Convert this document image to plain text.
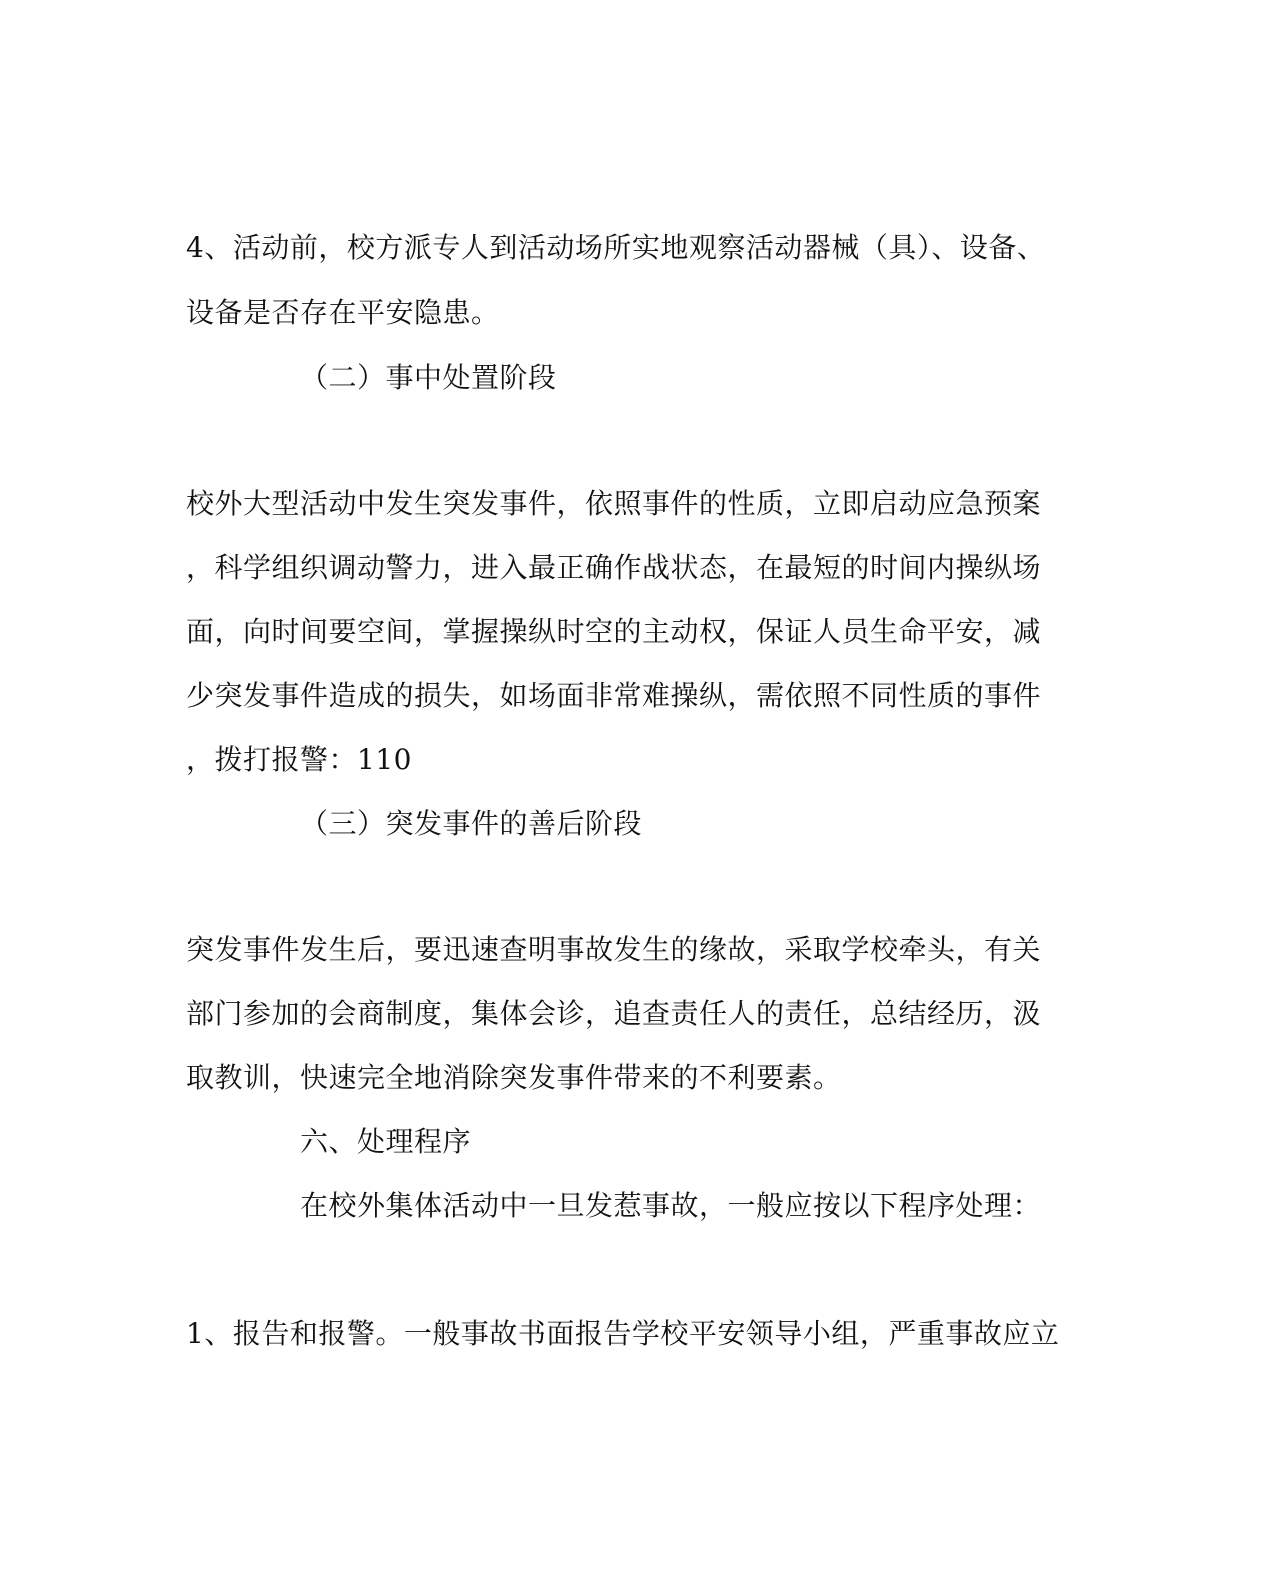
4、活动前，校方派专人到活动场所实地观察活动器械（具）、设备、
设备是否存在平安隐患。
（二）事中处置阶段
校外大型活动中发生突发事件，依照事件的性质，立即启动应急预案
，科学组织调动警力，进入最正确作战状态，在最短的时间内操纵场
面，向时间要空间，掌握操纵时空的主动权，保证人员生命平安，减
少突发事件造成的损失，如场面非常难操纵，需依照不同性质的事件
，拨打报警：110
（三）突发事件的善后阶段
突发事件发生后，要迅速查明事故发生的缘故，采取学校牵头，有关
部门参加的会商制度，集体会诊，追查责任人的责任，总结经历，汲
取教训，快速完全地消除突发事件带来的不利要素。
六、处理程序
在校外集体活动中一旦发惹事故，一般应按以下程序处理：
1、报告和报警。一般事故书面报告学校平安领导小组，严重事故应立
